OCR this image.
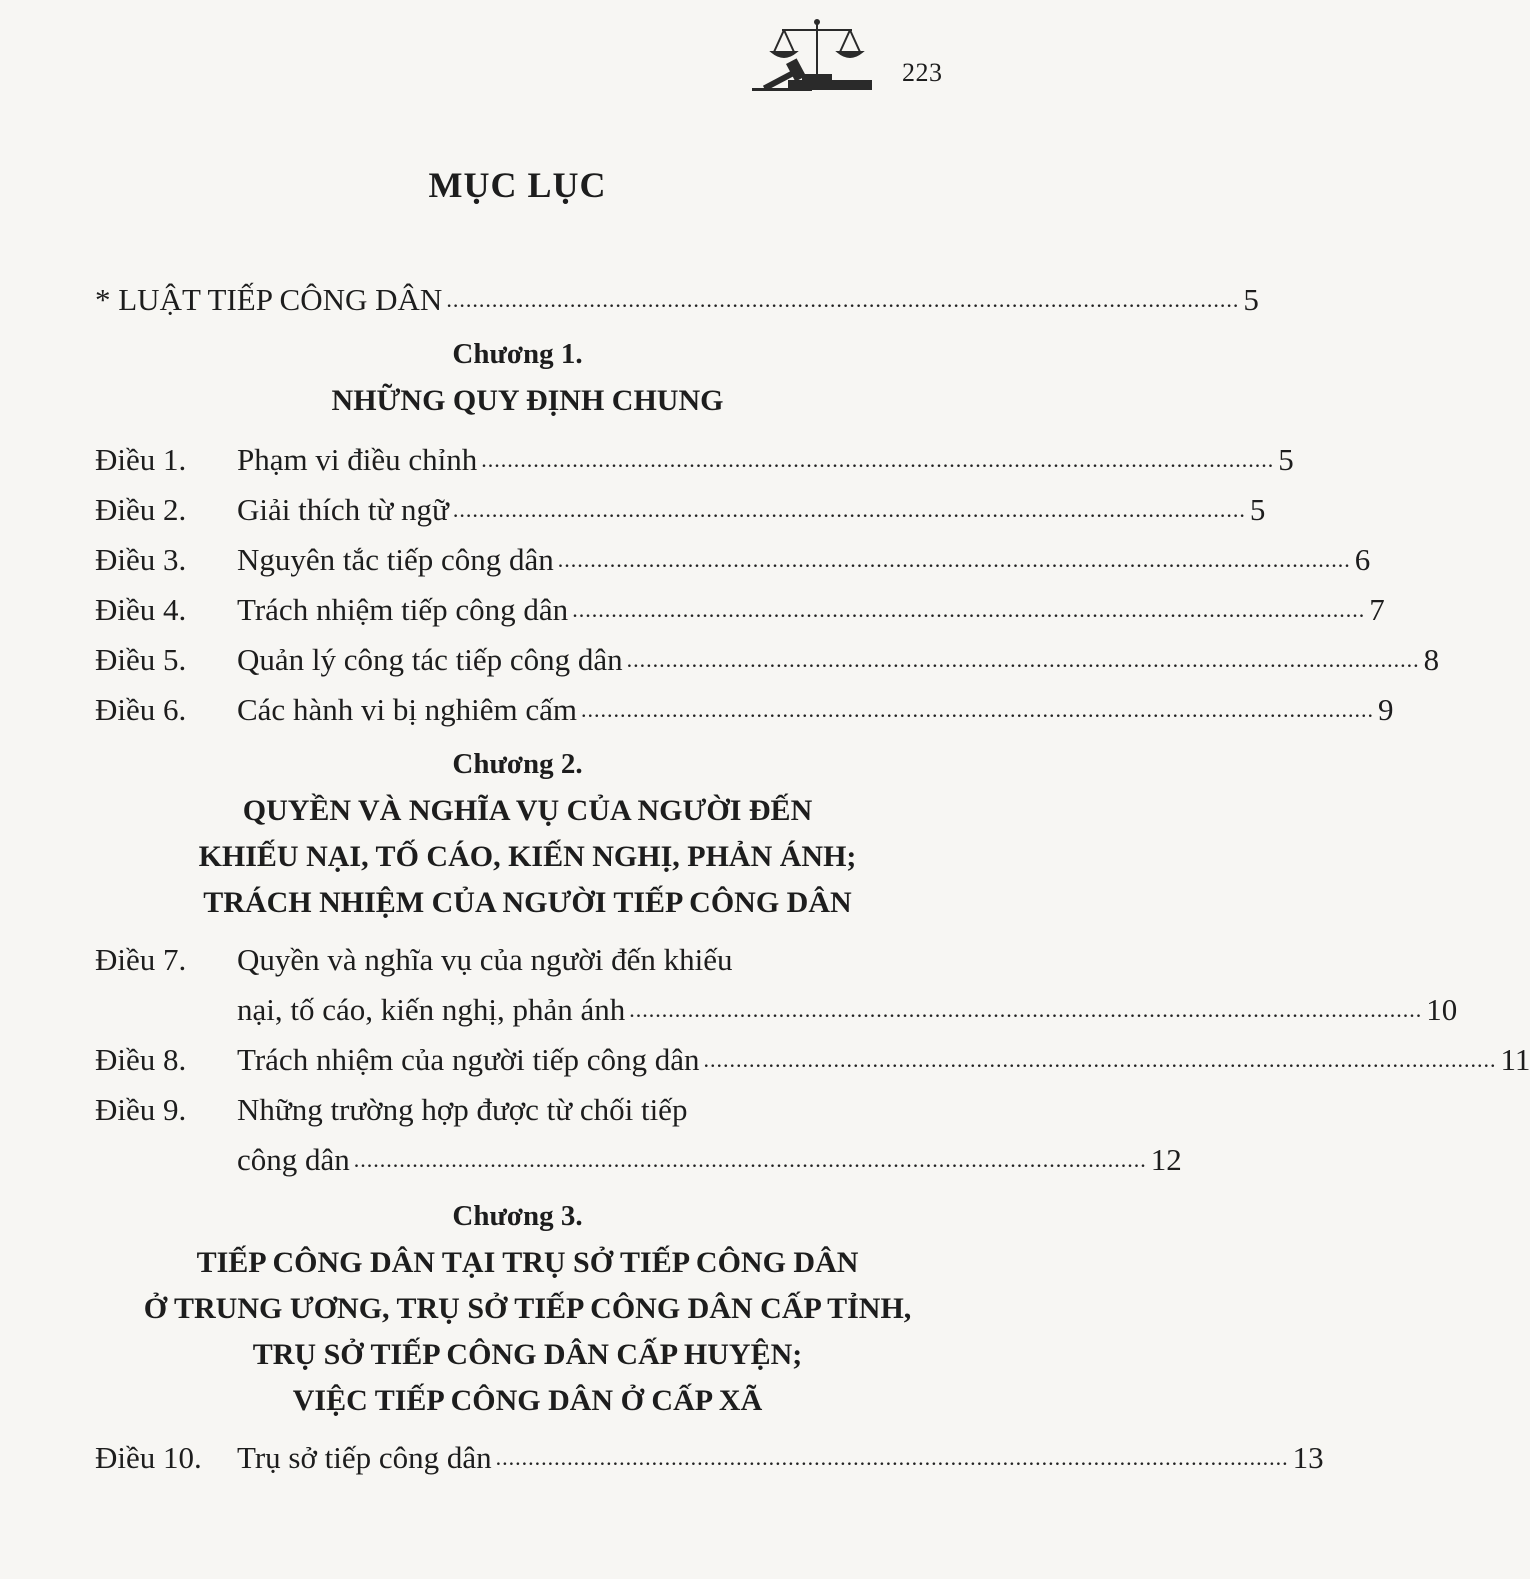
223
MỤC LỤC
* LUẬT TIẾP CÔNG DÂN .......................................................................................................................... 5
Chương 1.
NHỮNG QUY ĐỊNH CHUNG
Điều 1. Phạm vi điều chỉnh .......................................................................................................................... 5
Điều 2. Giải thích từ ngữ .......................................................................................................................... 5
Điều 3. Nguyên tắc tiếp công dân .......................................................................................................................... 6
Điều 4. Trách nhiệm tiếp công dân .......................................................................................................................... 7
Điều 5. Quản lý công tác tiếp công dân .......................................................................................................................... 8
Điều 6. Các hành vi bị nghiêm cấm .......................................................................................................................... 9
Chương 2.
QUYỀN VÀ NGHĨA VỤ CỦA NGƯỜI ĐẾN
KHIẾU NẠI, TỐ CÁO, KIẾN NGHỊ, PHẢN ÁNH;
TRÁCH NHIỆM CỦA NGƯỜI TIẾP CÔNG DÂN
Điều 7. Quyền và nghĩa vụ của người đến khiếu
nại, tố cáo, kiến nghị, phản ánh .......................................................................................................................... 10
Điều 8. Trách nhiệm của người tiếp công dân .......................................................................................................................... 11
Điều 9. Những trường hợp được từ chối tiếp
công dân .......................................................................................................................... 12
Chương 3.
TIẾP CÔNG DÂN TẠI TRỤ SỞ TIẾP CÔNG DÂN
Ở TRUNG ƯƠNG, TRỤ SỞ TIẾP CÔNG DÂN CẤP TỈNH,
TRỤ SỞ TIẾP CÔNG DÂN CẤP HUYỆN;
VIỆC TIẾP CÔNG DÂN Ở CẤP XÃ
Điều 10. Trụ sở tiếp công dân .......................................................................................................................... 13
